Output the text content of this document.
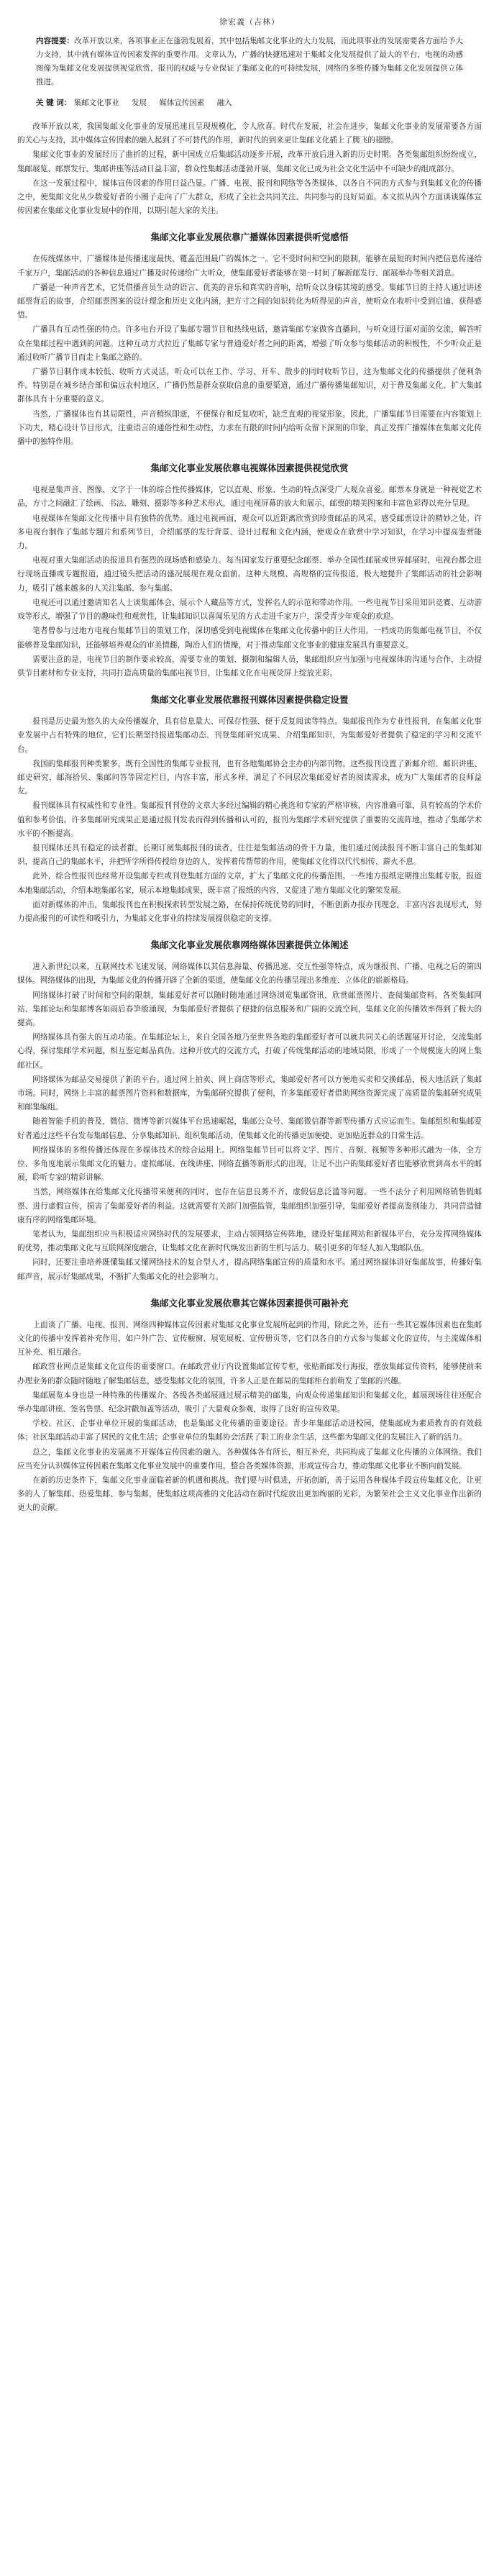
徐宏義（吉林）
内容提要：改革开放以来，各项事业正在蓬勃发展着，其中包括集邮文化事业的大力发展，而此项事业的发展需要各方面给予大力支持，其中就有媒体宣传因素发挥的重要作用。文章认为，广播的快捷迅速对于集邮文化发展提供了最大的平台，电视的动感图像为集邮文化发展提供视觉欣赏，报刊的权威与专业保证了集邮文化的可持续发展，网络的多维传播为集邮文化发展提供立体推进。
关 键 词： 集邮文化事业 发展 媒体宣传因素 融入

改革开放以来，我国集邮文化事业的发展迅速且呈现规模化，令人欣喜。时代在发展，社会在进步，集邮文化事业的发展需要各方面的关心与支持，其中媒体宣传因素的融入起到了不可替代的作用，新时代的到来更让集邮文化插上了腾飞的翅膀。

集邮文化事业的发展经历了曲折的过程，新中国成立后集邮活动逐步开展，改革开放后进入新的历史时期。各类集邮组织纷纷成立，集邮展览、邮票发行、集邮讲座等活动日益丰富，群众性集邮活动蓬勃开展，集邮文化已成为社会文化生活中不可缺少的组成部分。

在这一发展过程中，媒体宣传因素的作用日益凸显。广播、电视、报刊和网络等各类媒体，以各自不同的方式参与到集邮文化的传播之中，使集邮文化从少数爱好者的小圈子走向了广大群众，形成了全社会共同关注、共同参与的良好局面。本文拟从四个方面谈谈媒体宣传因素在集邮文化事业发展中的作用，以期引起大家的关注。

集邮文化事业发展依靠广播媒体因素提供听觉感悟

在传统媒体中，广播媒体是传播速度最快、覆盖范围最广的媒体之一。它不受时间和空间的限制，能够在最短的时间内把信息传递给千家万户，集邮活动的各种信息通过广播及时传递给广大听众，使集邮爱好者能够在第一时间了解新邮发行、邮展举办等相关消息。

广播是一种声音艺术，它凭借播音员生动的语言、优美的音乐和真实的音响，给听众以身临其境的感受。集邮节目的主持人通过讲述邮票背后的故事，介绍邮票图案的设计理念和历史文化内涵，把方寸之间的知识转化为听得见的声音，使听众在收听中受到启迪、获得感悟。

广播具有互动性强的特点。许多电台开设了集邮专题节目和热线电话，邀请集邮专家做客直播间，与听众进行面对面的交流，解答听众在集邮过程中遇到的问题。这种互动方式拉近了集邮专家与普通爱好者之间的距离，增强了听众参与集邮活动的积极性，不少听众正是通过收听广播节目而走上集邮之路的。

广播节目制作成本较低、收听方式灵活，听众可以在工作、学习、开车、散步的同时收听节目，这为集邮文化的传播提供了便利条件。特别是在城乡结合部和偏远农村地区，广播仍然是群众获取信息的重要渠道，通过广播传播集邮知识，对于普及集邮文化、扩大集邮群体具有十分重要的意义。

当然，广播媒体也有其局限性，声音稍纵即逝，不便保存和反复收听，缺乏直观的视觉形象。因此，广播集邮节目需要在内容策划上下功夫，精心设计节目形式，注重语言的通俗性和生动性，力求在有限的时间内给听众留下深刻的印象，真正发挥广播媒体在集邮文化传播中的独特作用。

集邮文化事业发展依靠电视媒体因素提供视觉欣赏

电视是集声音、图像、文字于一体的综合性传播媒体，它以直观、形象、生动的特点深受广大观众喜爱。邮票本身就是一种视觉艺术品，方寸之间融汇了绘画、书法、雕刻、摄影等多种艺术形式，通过电视屏幕的放大和展示，邮票的精美图案和丰富色彩得以充分呈现。

电视媒体在集邮文化传播中具有独特的优势。通过电视画面，观众可以近距离欣赏到珍贵邮品的风采，感受邮票设计的精妙之处。许多电视台制作了集邮专题片和系列节目，介绍邮票的发行背景、设计过程和文化内涵，使观众在欣赏中学习知识，在学习中提高鉴赏能力。

电视对重大集邮活动的报道具有强烈的现场感和感染力。每当国家发行重要纪念邮票、举办全国性邮展或世界邮展时，电视台都会进行现场直播或专题报道，通过镜头把活动的盛况展现在观众面前。这种大规模、高规格的宣传报道，极大地提升了集邮活动的社会影响力，吸引了越来越多的人关注集邮、参与集邮。

电视还可以通过邀请知名人士谈集邮体会、展示个人藏品等方式，发挥名人的示范和带动作用。一些电视节目采用知识竞赛、互动游戏等形式，增强了节目的趣味性和观赏性，让集邮知识以喜闻乐见的方式走进千家万户，深受青少年观众的欢迎。

笔者曾参与过地方电视台集邮节目的策划工作，深切感受到电视媒体在集邮文化传播中的巨大作用。一档成功的集邮电视节目，不仅能够普及集邮知识，还能够培养观众的审美情趣，陶冶人们的情操，对于推动集邮文化事业的健康发展具有重要意义。

需要注意的是，电视节目的制作要求较高，需要专业的策划、摄制和编辑人员，集邮组织应当加强与电视媒体的沟通与合作，主动提供节目素材和专业支持，共同打造高质量的集邮电视节目，让集邮文化在电视荧屏上绽放光彩。

集邮文化事业发展依靠报刊媒体因素提供稳定设置

报刊是历史最为悠久的大众传播媒介，具有信息量大、可保存性强、便于反复阅读等特点。集邮报刊作为专业性报刊，在集邮文化事业发展中占有特殊的地位，它们长期坚持报道集邮动态、刊登集邮研究成果、介绍集邮知识，为集邮爱好者提供了稳定的学习和交流平台。

我国的集邮报刊种类繁多，既有全国性的集邮专业报刊，也有各地集邮协会主办的内部刊物。这些报刊设置了新邮介绍、邮识讲座、邮史研究、邮海拾贝、集邮问答等固定栏目，内容丰富，形式多样，满足了不同层次集邮爱好者的阅读需求，成为广大集邮者的良师益友。

报刊媒体具有权威性和专业性。集邮报刊刊登的文章大多经过编辑的精心挑选和专家的严格审核，内容准确可靠，具有较高的学术价值和参考价值。许多集邮研究成果正是通过报刊发表而得到传播和认可的，报刊为集邮学术研究提供了重要的交流阵地，推动了集邮学术水平的不断提高。

报刊媒体还具有稳定的读者群。长期订阅集邮报刊的读者，往往是集邮活动的骨干力量，他们通过阅读报刊不断丰富自己的集邮知识，提高自己的集邮水平，并把所学所得传授给身边的人，发挥着传帮带的作用，使集邮文化得以代代相传、薪火不息。

此外，综合性报刊也经常开设集邮专栏或刊登集邮方面的文章，扩大了集邮文化的传播范围。一些地方报纸定期推出集邮专版，报道本地集邮活动，介绍本地集邮名家，展示本地集邮成果，既丰富了报纸的内容，又促进了地方集邮文化的繁荣发展。

面对新媒体的冲击，集邮报刊也在积极探索转型发展之路，在保持传统优势的同时，不断创新办报办刊理念，丰富内容表现形式，努力提高报刊的可读性和吸引力，为集邮文化事业的持续发展提供稳定的支撑。

集邮文化事业发展依靠网络媒体因素提供立体阐述

进入新世纪以来，互联网技术飞速发展，网络媒体以其信息海量、传播迅速、交互性强等特点，成为继报刊、广播、电视之后的第四媒体。网络媒体的出现，为集邮文化的传播开辟了全新的渠道，使集邮文化的传播呈现出多维度、立体化的崭新格局。

网络媒体打破了时间和空间的限制，集邮爱好者可以随时随地通过网络浏览集邮资讯、欣赏邮票图片、查阅集邮资料。各类集邮网站、集邮论坛和集邮博客如雨后春笋般涌现，为集邮爱好者提供了便捷的信息服务和广阔的交流空间，集邮文化的传播效率得到了极大的提高。

网络媒体具有强大的互动功能。在集邮论坛上，来自全国各地乃至世界各地的集邮爱好者可以就共同关心的话题展开讨论，交流集邮心得，探讨集邮学术问题，相互鉴定邮品真伪。这种开放式的交流方式，打破了传统集邮活动的地域局限，形成了一个规模庞大的网上集邮社区。

网络媒体为邮品交易提供了新的平台。通过网上拍卖、网上商店等形式，集邮爱好者可以方便地买卖和交换邮品，极大地活跃了集邮市场。同时，网络上丰富的邮票图片资料和数据库，为集邮研究提供了便利，许多集邮爱好者借助网络资源完成了高质量的集邮研究成果和邮集编组。

随着智能手机的普及，微信、微博等新兴媒体平台迅速崛起，集邮公众号、集邮微信群等新型传播方式应运而生。集邮组织和集邮爱好者通过这些平台发布集邮信息、分享集邮知识、组织集邮活动，使集邮文化的传播更加便捷、更加贴近群众的日常生活。

网络媒体的多维传播还体现在多媒体技术的综合运用上。网络集邮节目可以将文字、图片、音频、视频等多种形式融为一体，全方位、多角度地展示集邮文化的魅力。虚拟邮展、在线讲座、网络直播等新形式的出现，让足不出户的集邮爱好者也能够欣赏到高水平的邮展，聆听专家的精彩讲解。

当然，网络媒体在给集邮文化传播带来便利的同时，也存在信息良莠不齐、虚假信息泛滥等问题。一些不法分子利用网络销售假邮票、进行虚假宣传，损害了集邮爱好者的利益。这就需要有关部门加强监管，集邮组织加强引导，集邮爱好者提高鉴别能力，共同营造健康有序的网络集邮环境。

笔者认为，集邮组织应当积极适应网络时代的发展要求，主动占领网络宣传阵地，建设好集邮网站和新媒体平台，充分发挥网络媒体的优势，推动集邮文化与互联网深度融合，让集邮文化在新时代焕发出新的生机与活力，吸引更多的年轻人加入集邮队伍。

同时，还要注重培养既懂集邮又懂网络技术的复合型人才，提高网络集邮宣传的质量和水平。通过网络媒体讲好集邮故事，传播好集邮声音，展示好集邮成果，不断扩大集邮文化的社会影响力。

集邮文化事业发展依靠其它媒体因素提供可融补充

上面谈了广播、电视、报刊、网络四种媒体宣传因素对集邮文化事业发展所起到的作用，除此之外，还有一些其它媒体因素也在集邮文化的传播中发挥着补充作用，如户外广告、宣传橱窗、展览展板、宣传册页等，它们以各自的方式参与集邮文化的宣传，与主流媒体相互补充、相互融合。

邮政营业网点是集邮文化宣传的重要窗口。在邮政营业厅内设置集邮宣传专柜，张贴新邮发行海报，摆放集邮宣传资料，能够使前来办理业务的群众随时随地了解集邮信息，感受集邮文化的氛围，许多人正是在邮局的集邮柜台前萌发了集邮的兴趣。

集邮展览本身也是一种特殊的传播媒介。各级各类邮展通过展示精美的邮集，向观众传递集邮知识和集邮文化，邮展现场往往还配合举办集邮讲座、签名售票、纪念封戳加盖等活动，吸引了大量观众参观，取得了良好的宣传效果。

学校、社区、企事业单位开展的集邮活动，也是集邮文化传播的重要途径。青少年集邮活动进校园，使集邮成为素质教育的有效载体；社区集邮活动丰富了居民的文化生活；企事业单位的集邮协会活跃了职工的业余生活，这些都为集邮文化的发展注入了新的活力。

总之，集邮文化事业的发展离不开媒体宣传因素的融入。各种媒体各有所长，相互补充，共同构成了集邮文化传播的立体网络。我们应当充分认识媒体宣传因素在集邮文化事业发展中的重要作用，整合各类媒体资源，形成宣传合力，推动集邮文化事业不断向前发展。

在新的历史条件下，集邮文化事业面临着新的机遇和挑战。我们要与时俱进，开拓创新，善于运用各种媒体手段宣传集邮文化，让更多的人了解集邮、热爱集邮、参与集邮，使集邮这项高雅的文化活动在新时代绽放出更加绚丽的光彩，为繁荣社会主义文化事业作出新的更大的贡献。
